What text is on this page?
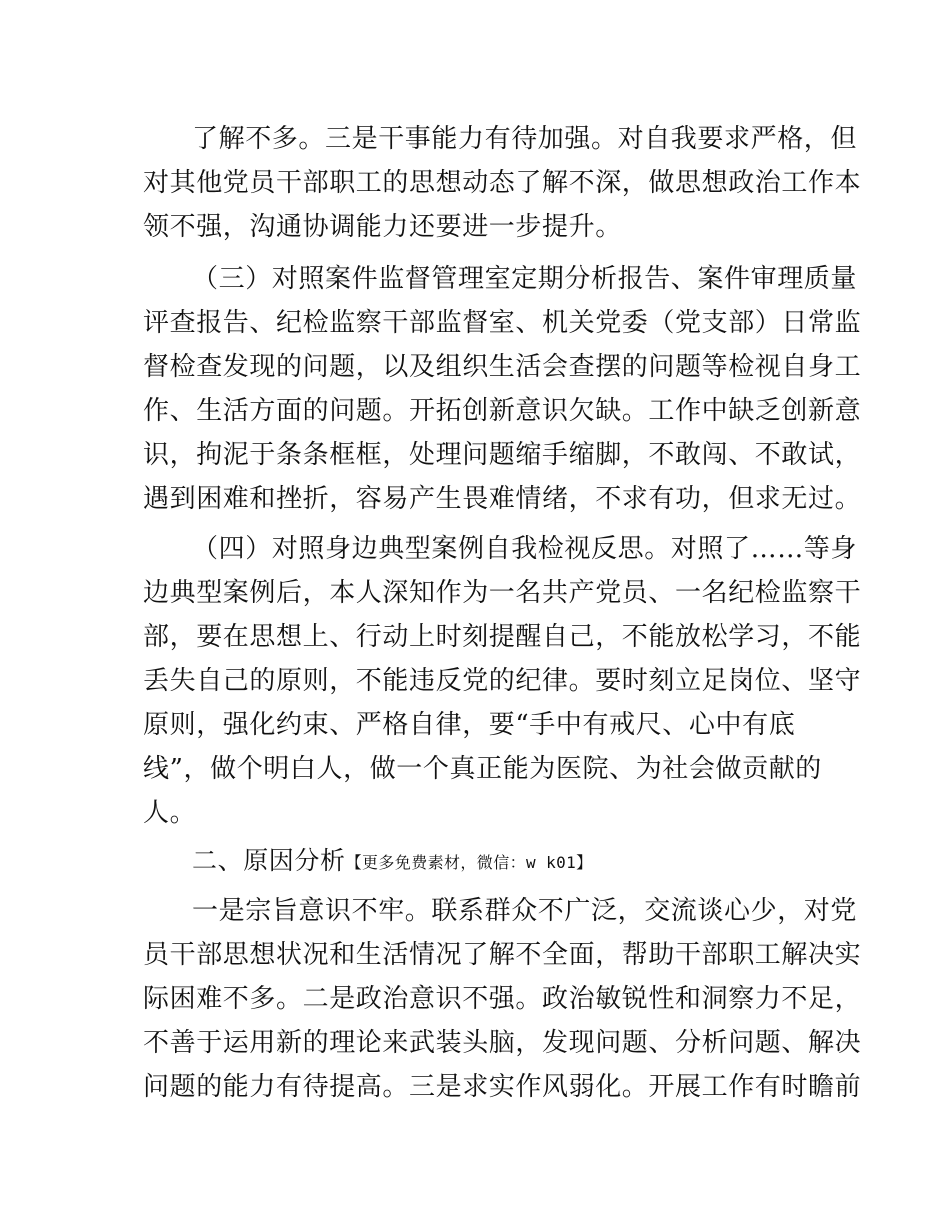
了解不多。三是干事能力有待加强。对自我要求严格，但
对其他党员干部职工的思想动态了解不深，做思想政治工作本
领不强，沟通协调能力还要进一步提升。
（三）对照案件监督管理室定期分析报告、案件审理质量
评查报告、纪检监察干部监督室、机关党委（党支部）日常监
督检查发现的问题，以及组织生活会查摆的问题等检视自身工
作、生活方面的问题。开拓创新意识欠缺。工作中缺乏创新意
识，拘泥于条条框框，处理问题缩手缩脚，不敢闯、不敢试，
遇到困难和挫折，容易产生畏难情绪，不求有功，但求无过。
（四）对照身边典型案例自我检视反思。对照了……等身
边典型案例后，本人深知作为一名共产党员、一名纪检监察干
部，要在思想上、行动上时刻提醒自己，不能放松学习，不能
丢失自己的原则，不能违反党的纪律。要时刻立足岗位、坚守
原则，强化约束、严格自律，要“手中有戒尺、心中有底
线”，做个明白人，做一个真正能为医院、为社会做贡献的
人。
二、原因分析【更多免费素材，微信：w k01】
一是宗旨意识不牢。联系群众不广泛，交流谈心少，对党
员干部思想状况和生活情况了解不全面，帮助干部职工解决实
际困难不多。二是政治意识不强。政治敏锐性和洞察力不足，
不善于运用新的理论来武装头脑，发现问题、分析问题、解决
问题的能力有待提高。三是求实作风弱化。开展工作有时瞻前
